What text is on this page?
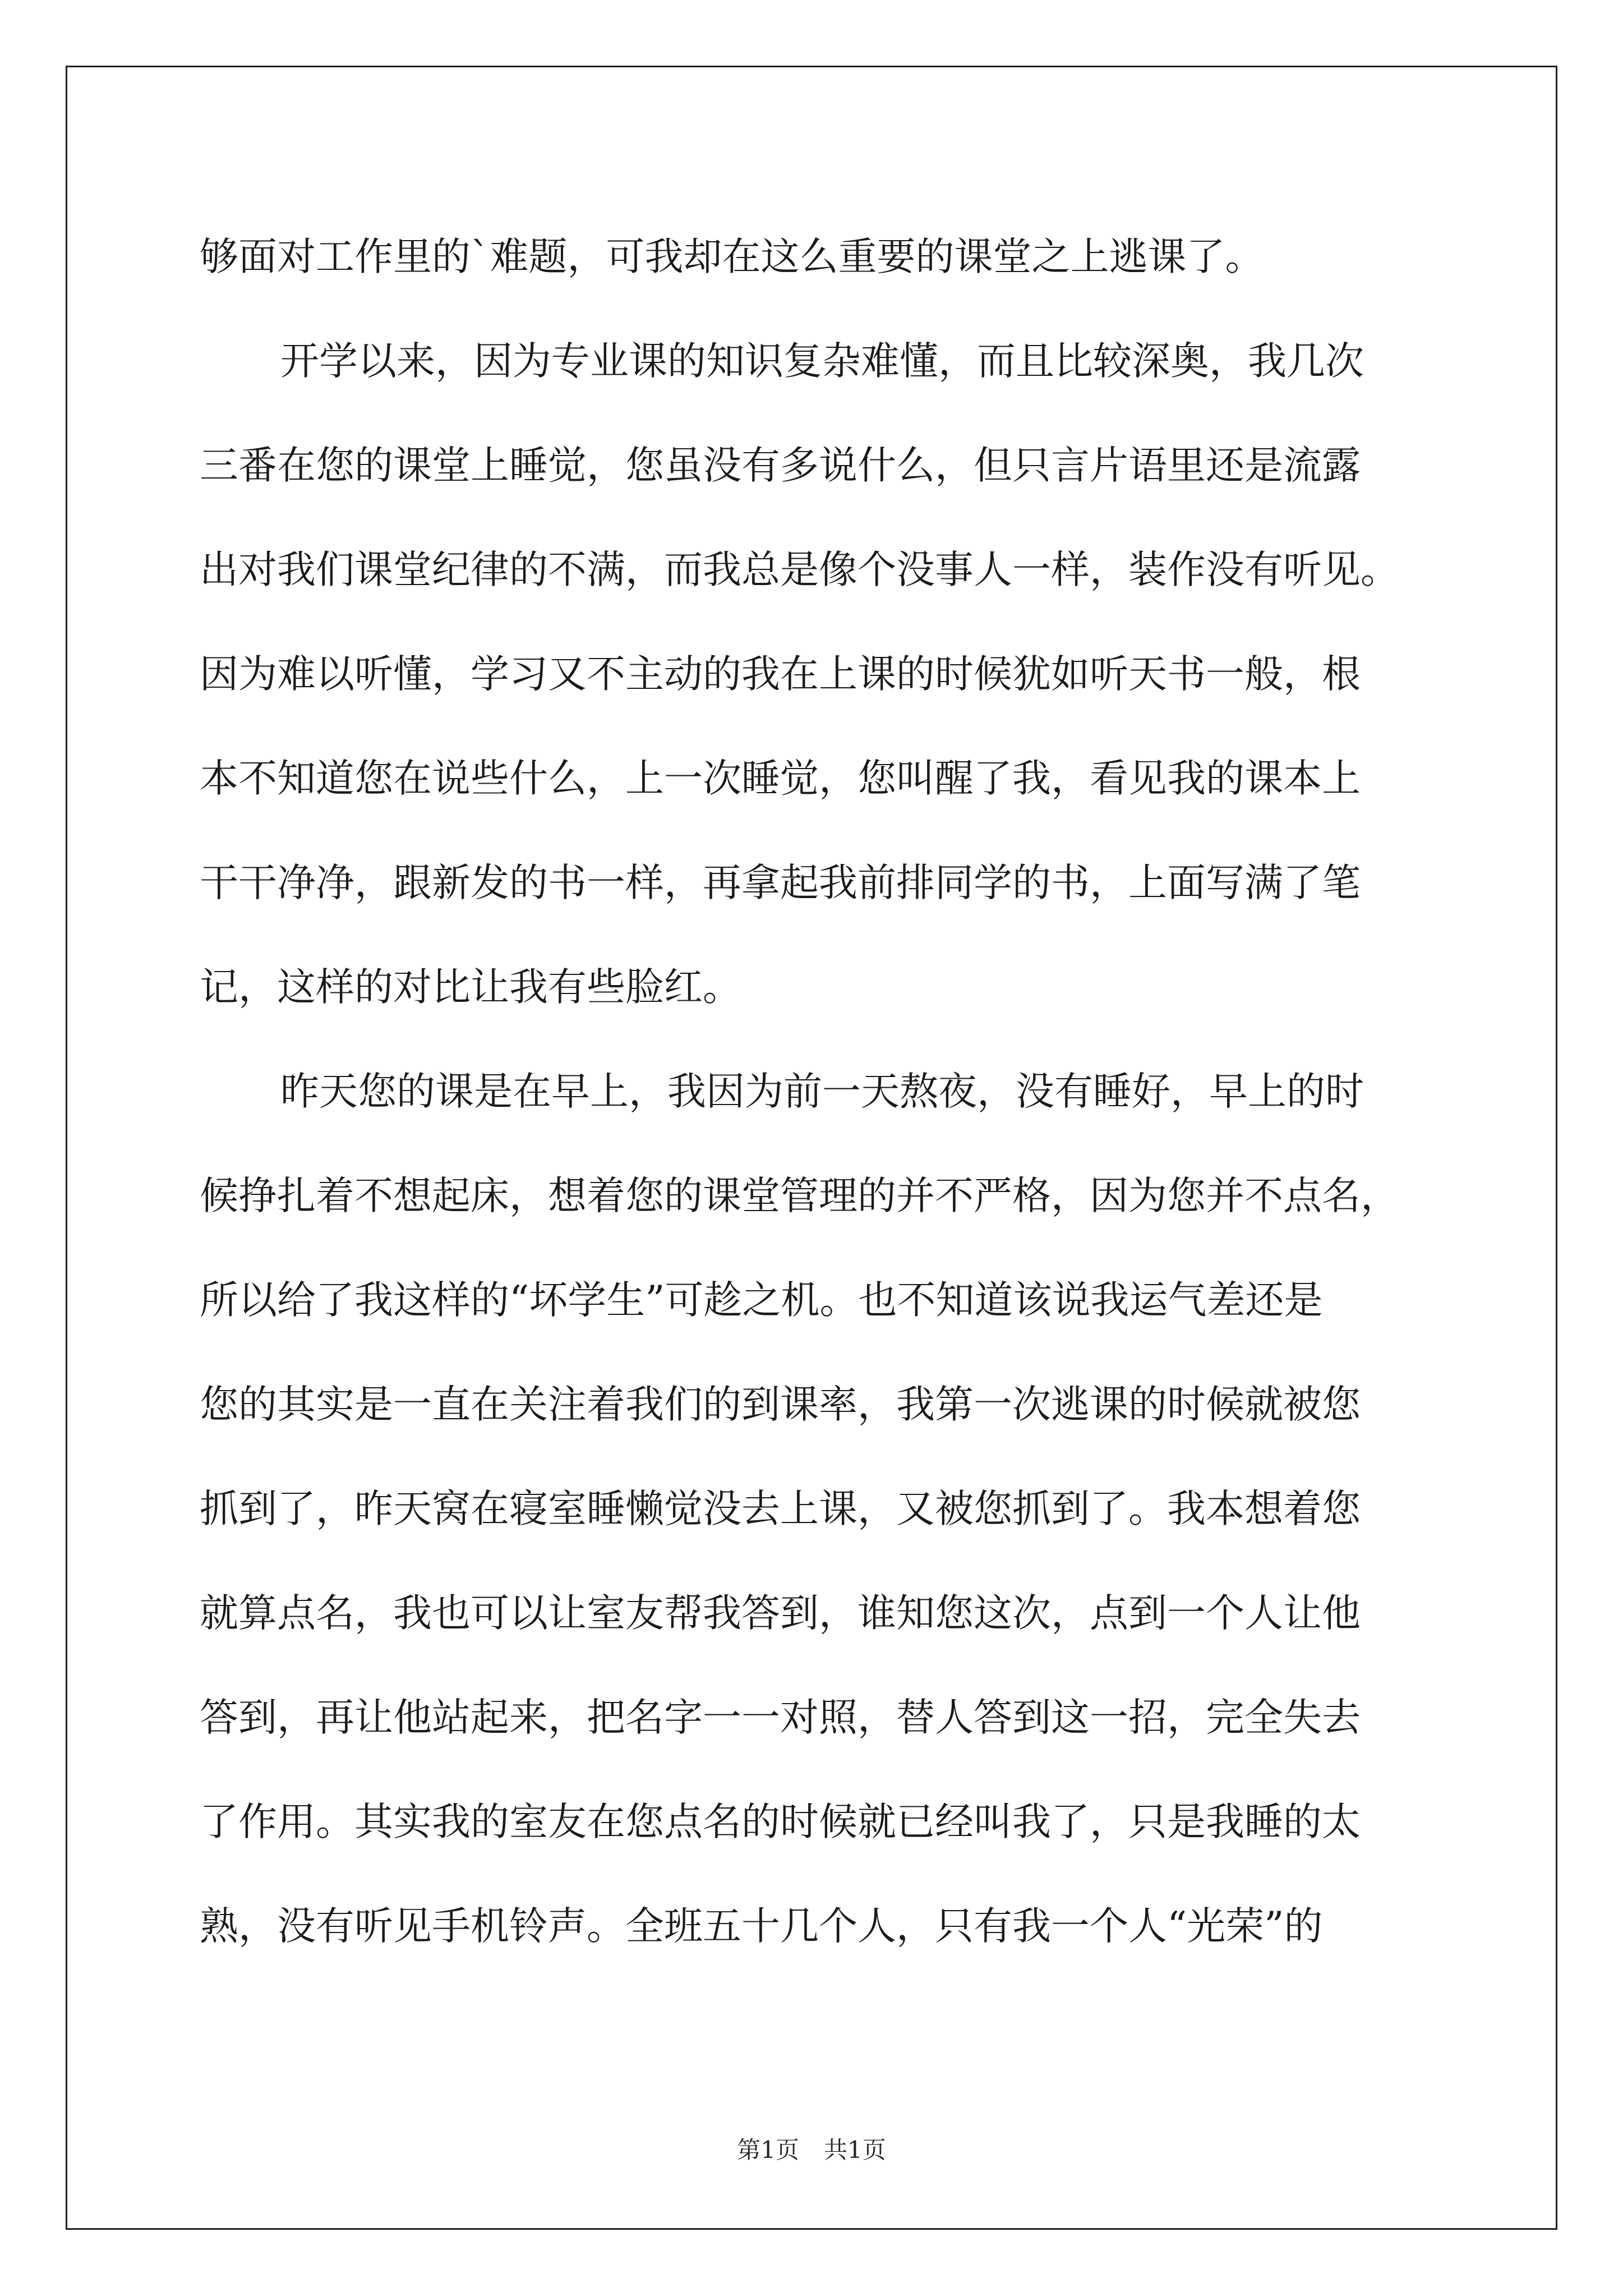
够面对工作里的`难题，可我却在这么重要的课堂之上逃课了。
开学以来，因为专业课的知识复杂难懂，而且比较深奥，我几次
三番在您的课堂上睡觉，您虽没有多说什么，但只言片语里还是流露
出对我们课堂纪律的不满，而我总是像个没事人一样，装作没有听见。
因为难以听懂，学习又不主动的我在上课的时候犹如听天书一般，根
本不知道您在说些什么，上一次睡觉，您叫醒了我，看见我的课本上
干干净净，跟新发的书一样，再拿起我前排同学的书，上面写满了笔
记，这样的对比让我有些脸红。
昨天您的课是在早上，我因为前一天熬夜，没有睡好，早上的时
候挣扎着不想起床，想着您的课堂管理的并不严格，因为您并不点名，
所以给了我这样的“坏学生”可趁之机。也不知道该说我运气差还是
您的其实是一直在关注着我们的到课率，我第一次逃课的时候就被您
抓到了，昨天窝在寝室睡懒觉没去上课，又被您抓到了。我本想着您
就算点名，我也可以让室友帮我答到，谁知您这次，点到一个人让他
答到，再让他站起来，把名字一一对照，替人答到这一招，完全失去
了作用。其实我的室友在您点名的时候就已经叫我了，只是我睡的太
熟，没有听见手机铃声。全班五十几个人，只有我一个人“光荣”的
第1页 共1页
